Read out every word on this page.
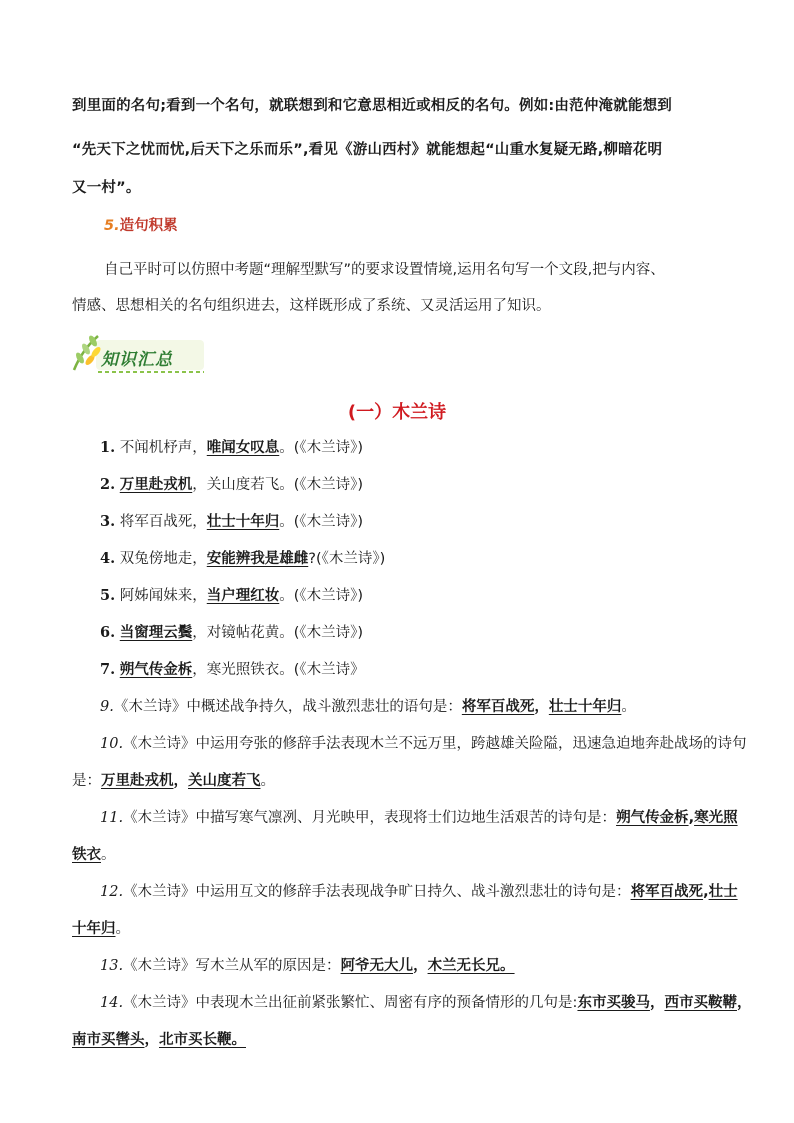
到里面的名句;看到一个名句，就联想到和它意思相近或相反的名句。例如:由范仲淹就能想到
“先天下之忧而忧,后天下之乐而乐”,看见《游山西村》就能想起“山重水复疑无路,柳暗花明
又一村”。
5.造句积累
自己平时可以仿照中考题“理解型默写”的要求设置情境,运用名句写一个文段,把与内容、
情感、思想相关的名句组织进去，这样既形成了系统、又灵活运用了知识。
知识汇总
(一）木兰诗
1. 不闻机杼声，唯闻女叹息。(《木兰诗》)
2. 万里赴戎机，关山度若飞。(《木兰诗》)
3. 将军百战死，壮士十年归。(《木兰诗》)
4. 双兔傍地走，安能辨我是雄雌?(《木兰诗》)
5. 阿姊闻妹来，当户理红妆。(《木兰诗》)
6. 当窗理云鬓，对镜帖花黄。(《木兰诗》)
7. 朔气传金柝，寒光照铁衣。(《木兰诗》
9.《木兰诗》中概述战争持久，战斗激烈悲壮的语句是：将军百战死，壮士十年归。
10.《木兰诗》中运用夸张的修辞手法表现木兰不远万里，跨越雄关险隘，迅速急迫地奔赴战场的诗句
是：万里赴戎机，关山度若飞。
11.《木兰诗》中描写寒气凛冽、月光映甲，表现将士们边地生活艰苦的诗句是：朔气传金柝,寒光照
铁衣。
12.《木兰诗》中运用互文的修辞手法表现战争旷日持久、战斗激烈悲壮的诗句是：将军百战死,壮士
十年归。
13.《木兰诗》写木兰从军的原因是：阿爷无大儿，木兰无长兄。
14.《木兰诗》中表现木兰出征前紧张繁忙、周密有序的预备情形的几句是:东市买骏马，西市买鞍鞯，
南市买辔头，北市买长鞭。
